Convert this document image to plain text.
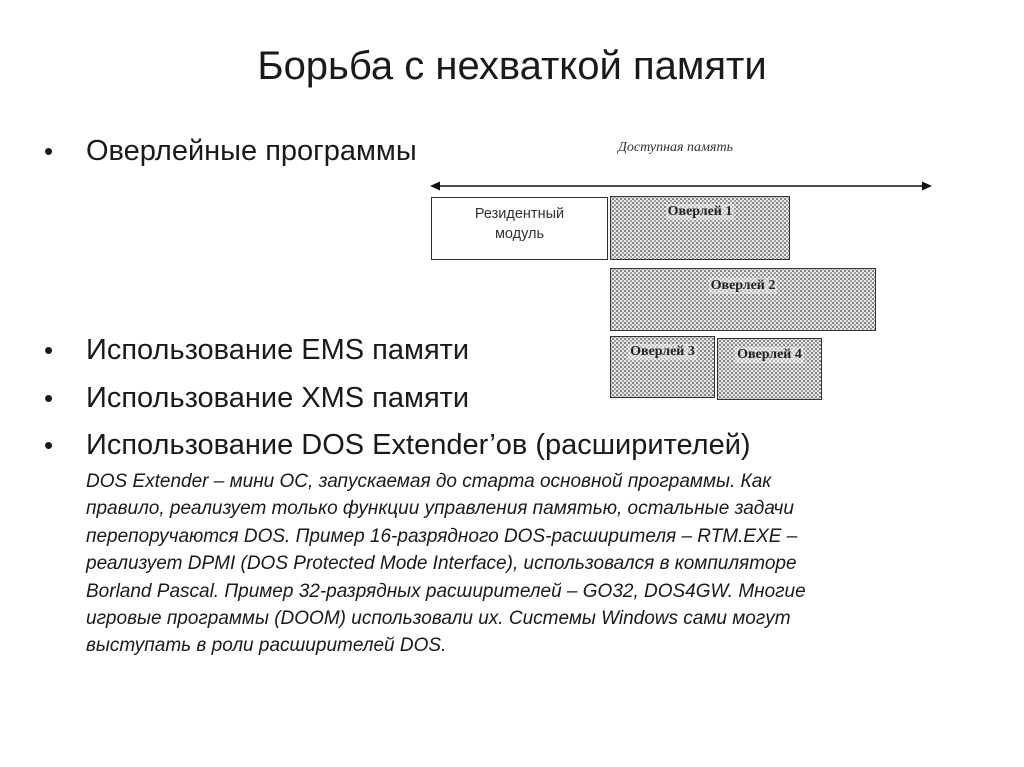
Борьба с нехваткой памяти
• Оверлейные программы
• Использование EMS памяти
• Использование XMS памяти
• Использование DOS Extender’ов (расширителей)
DOS Extender – мини ОС, запускаемая до старта основной программы. Как
правило, реализует только функции управления памятью, остальные задачи
перепоручаются DOS. Пример 16-разрядного DOS-расширителя – RTM.EXE –
реализует DPMI (DOS Protected Mode Interface), использовался в компиляторе
Borland Pascal. Пример 32-разрядных расширителей – GO32, DOS4GW. Многие
игровые программы (DOOM) использовали их. Системы Windows сами могут
выступать в роли расширителей DOS.
Доступная память
Резидентный
модуль
Оверлей 1
Оверлей 2
Оверлей 3	Оверлей 4
